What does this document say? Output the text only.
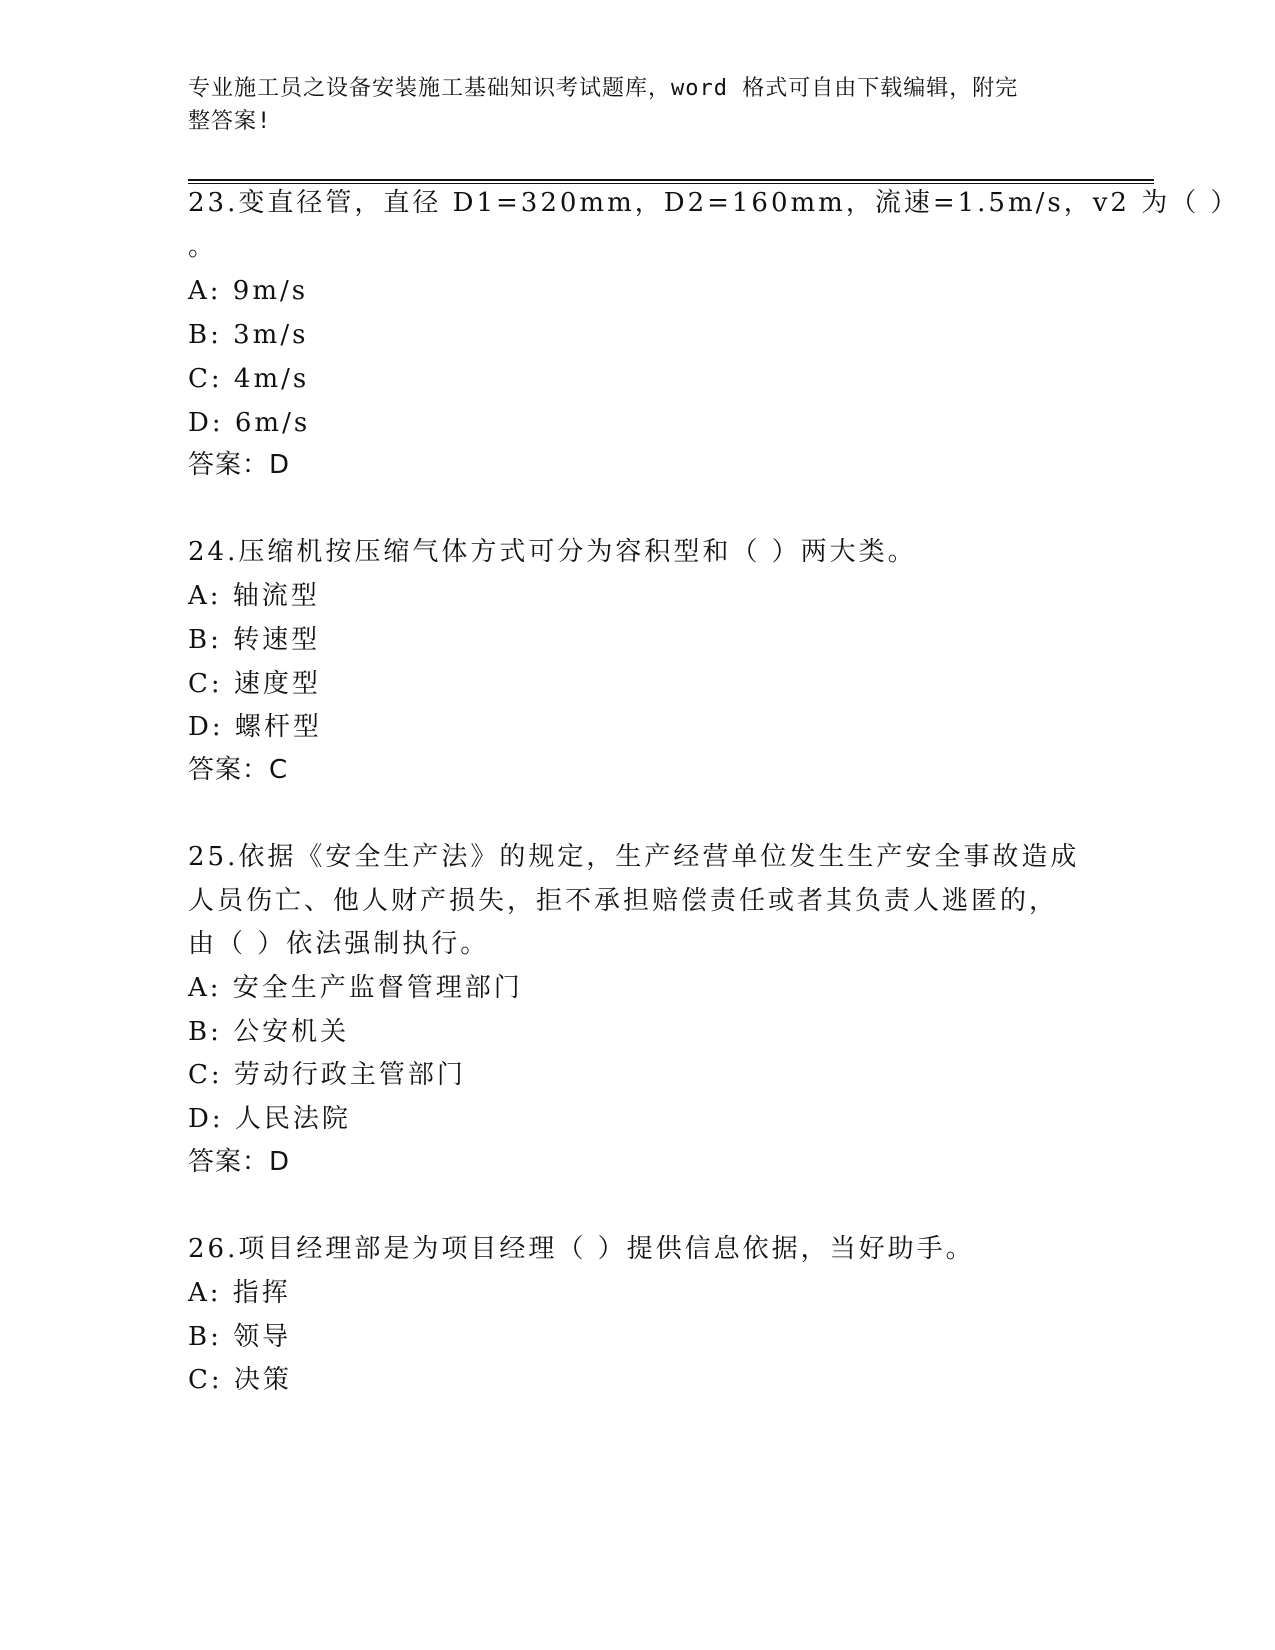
专业施工员之设备安装施工基础知识考试题库，word 格式可自由下载编辑，附完
整答案!
23.变直径管，直径 D1=320mm，D2=160mm，流速=1.5m/s，v2 为（ ）
。
A: 9m/s
B: 3m/s
C: 4m/s
D: 6m/s
答案：D
24.压缩机按压缩气体方式可分为容积型和（ ）两大类。
A: 轴流型
B: 转速型
C: 速度型
D: 螺杆型
答案：C
25.依据《安全生产法》的规定，生产经营单位发生生产安全事故造成
人员伤亡、他人财产损失，拒不承担赔偿责任或者其负责人逃匿的，
由（ ）依法强制执行。
A: 安全生产监督管理部门
B: 公安机关
C: 劳动行政主管部门
D: 人民法院
答案：D
26.项目经理部是为项目经理（ ）提供信息依据，当好助手。
A: 指挥
B: 领导
C: 决策
